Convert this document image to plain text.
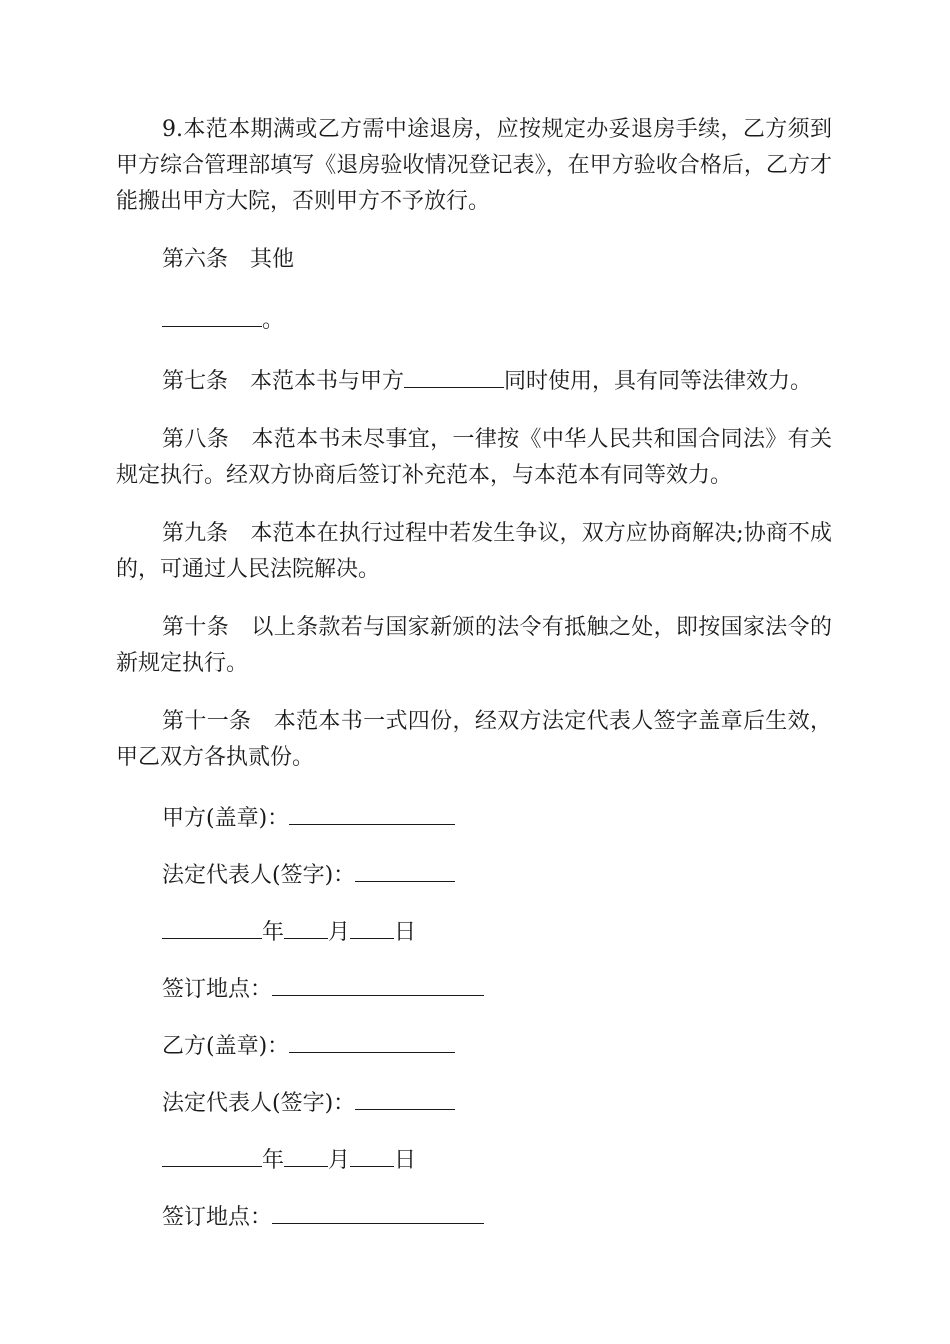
9.本范本期满或乙方需中途退房，应按规定办妥退房手续，乙方须到甲方综合管理部填写《退房验收情况登记表》，在甲方验收合格后，乙方才能搬出甲方大院，否则甲方不予放行。

第六条 其他

。

第七条 本范本书与甲方	同时使用，具有同等法律效力。

第八条 本范本书未尽事宜，一律按《中华人民共和国合同法》有关规定执行。经双方协商后签订补充范本，与本范本有同等效力。

第九条 本范本在执行过程中若发生争议，双方应协商解决;协商不成的，可通过人民法院解决。

第十条 以上条款若与国家新颁的法令有抵触之处，即按国家法令的新规定执行。

第十一条 本范本书一式四份，经双方法定代表人签字盖章后生效，甲乙双方各执贰份。

甲方(盖章)：

法定代表人(签字)：

年 月 日

签订地点：

乙方(盖章)：

法定代表人(签字)：

年 月 日

签订地点：
